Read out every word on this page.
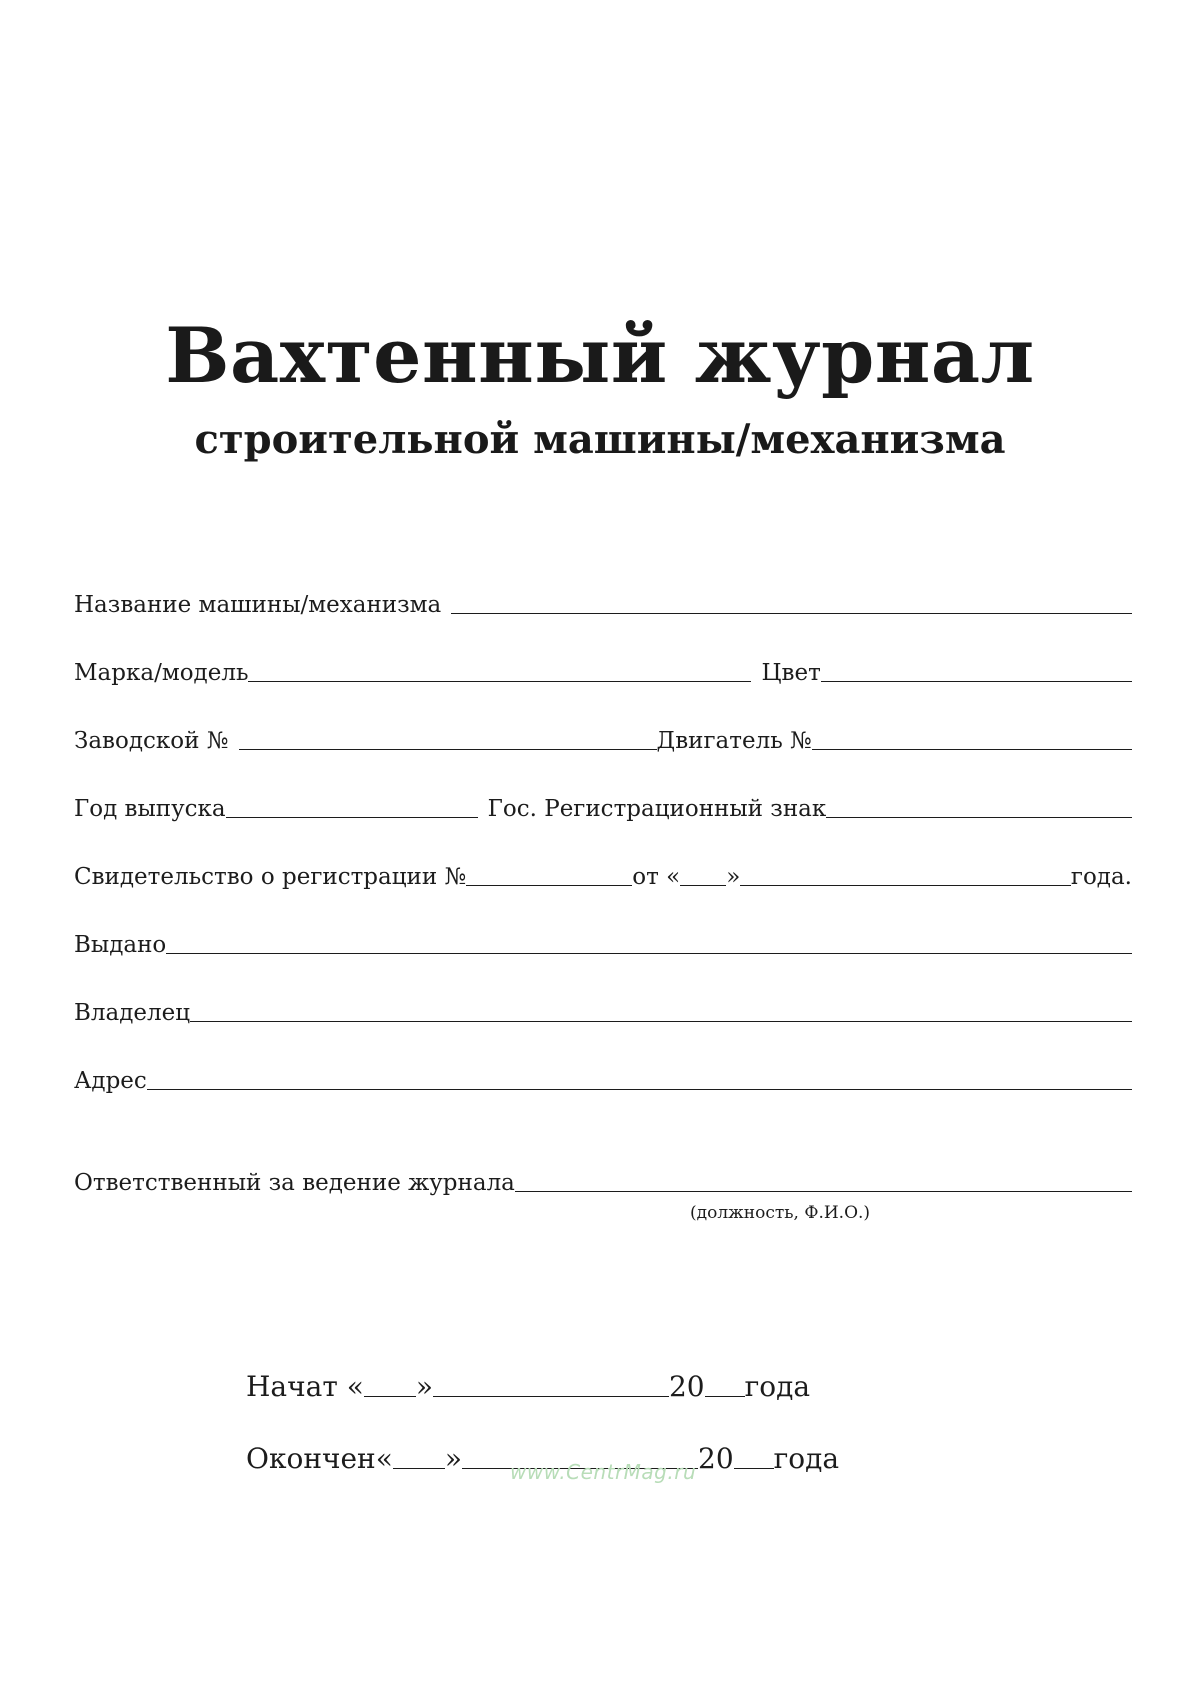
Вахтенный журнал
строительной машины/механизма
Название машины/механизма
Марка/модель	Цвет
Заводской №	Двигатель №
Год выпуска	Гос. Регистрационный знак
Свидетельство о регистрации №	от « »	года.
Выдано
Владелец
Адрес
Ответственный за ведение журнала
(должность, Ф.И.О.)
Начат « »	20 года
Окончен« »	20 года
www.CentrMag.ru
